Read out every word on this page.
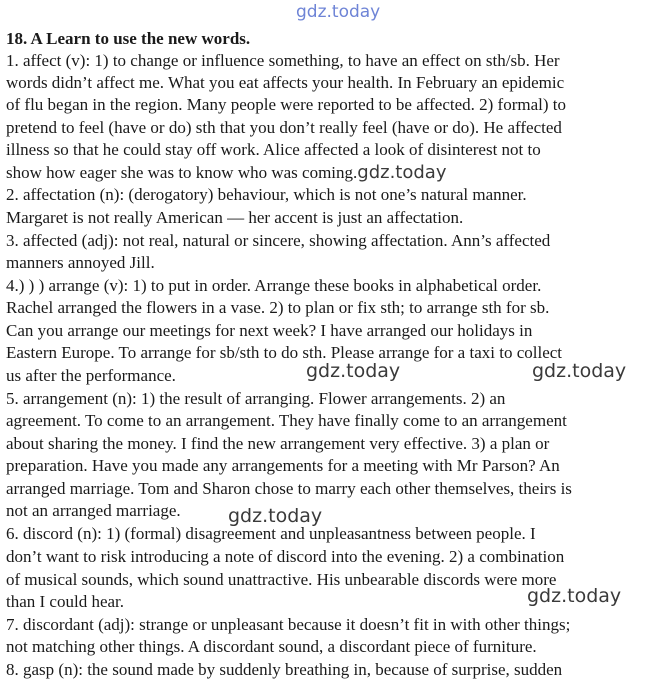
gdz.today
18. A Learn to use the new words.
1. affect (v): 1) to change or influence something, to have an effect on sth/sb. Her
words didn’t affect me. What you eat affects your health. In February an epidemic
of flu began in the region. Many people were reported to be affected. 2) formal) to
pretend to feel (have or do) sth that you don’t really feel (have or do). He affected
illness so that he could stay off work. Alice affected a look of disinterest not to
show how eager she was to know who was coming.gdz.today
2. affectation (n): (derogatory) behaviour, which is not one’s natural manner.
Margaret is not really American — her accent is just an affectation.
3. affected (adj): not real, natural or sincere, showing affectation. Ann’s affected
manners annoyed Jill.
4.) ) ) arrange (v): 1) to put in order. Arrange these books in alphabetical order.
Rachel arranged the flowers in a vase. 2) to plan or fix sth; to arrange sth for sb.
Can you arrange our meetings for next week? I have arranged our holidays in
Eastern Europe. To arrange for sb/sth to do sth. Please arrange for a taxi to collect
us after the performance.
5. arrangement (n): 1) the result of arranging. Flower arrangements. 2) an
agreement. To come to an arrangement. They have finally come to an arrangement
about sharing the money. I find the new arrangement very effective. 3) a plan or
preparation. Have you made any arrangements for a meeting with Mr Parson? An
arranged marriage. Tom and Sharon chose to marry each other themselves, theirs is
not an arranged marriage.
6. discord (n): 1) (formal) disagreement and unpleasantness between people. I
don’t want to risk introducing a note of discord into the evening. 2) a combination
of musical sounds, which sound unattractive. His unbearable discords were more
than I could hear.
7. discordant (adj): strange or unpleasant because it doesn’t fit in with other things;
not matching other things. A discordant sound, a discordant piece of furniture.
8. gasp (n): the sound made by suddenly breathing in, because of surprise, sudden
gdz.today	gdz.today
gdz.today
gdz.today
